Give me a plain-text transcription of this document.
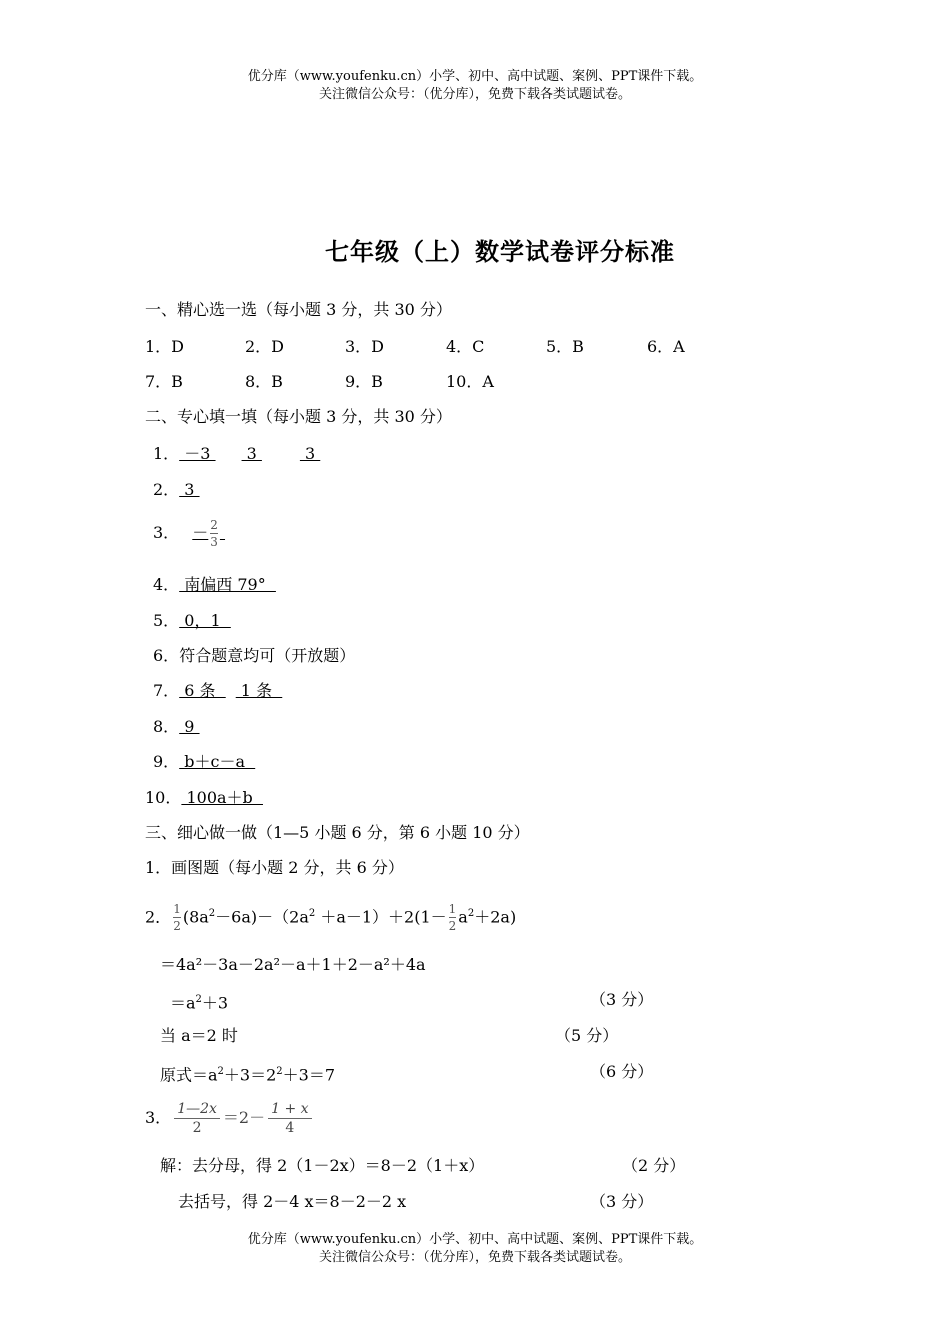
优分库（www.youfenku.cn）小学、初中、高中试题、案例、PPT课件下载。
关注微信公众号：（优分库），免费下载各类试题试卷。
七年级（上）数学试卷评分标准
一、精心选一选（每小题 3 分，共 30 分）
1．D	2．D	3．D	4．C	5．B	6．A
7．B	8．B	9．B	10．A
二、专心填一填（每小题 3 分，共 30 分）
1． －3  3  3
2． 3
3． － $\frac{2}{3}$

4． 南偏西 79°
5． 0，1
6．符合题意均可（开放题）
7． 6 条   1 条
8． 9
9． b＋c－a
10． 100a＋b
三、细心做一做（1—5 小题 6 分，第 6 小题 10 分）
1．画图题（每小题 2 分，共 6 分）
2． $\frac{1}{2} (8a^2-6a)-(2a^2 +a-1)+2(1- \frac{1}{2} a^2+2a)$
＝4a²－3a－2a²－a＋1＋2－a²＋4a
$=a^2+3$	（3 分）
当 a＝2 时	（5 分）
原式$=a^2+3=2^2+3=7$	（6 分）
3． $\frac{1—2x}{2} =2- \frac{1 + x}{4}$
解：去分母，得 2（1－2x）＝8－2（1＋x）	（2 分）
去括号，得 2－4 x＝8－2－2 x	（3 分）
优分库（www.youfenku.cn）小学、初中、高中试题、案例、PPT课件下载。
关注微信公众号：（优分库），免费下载各类试题试卷。
